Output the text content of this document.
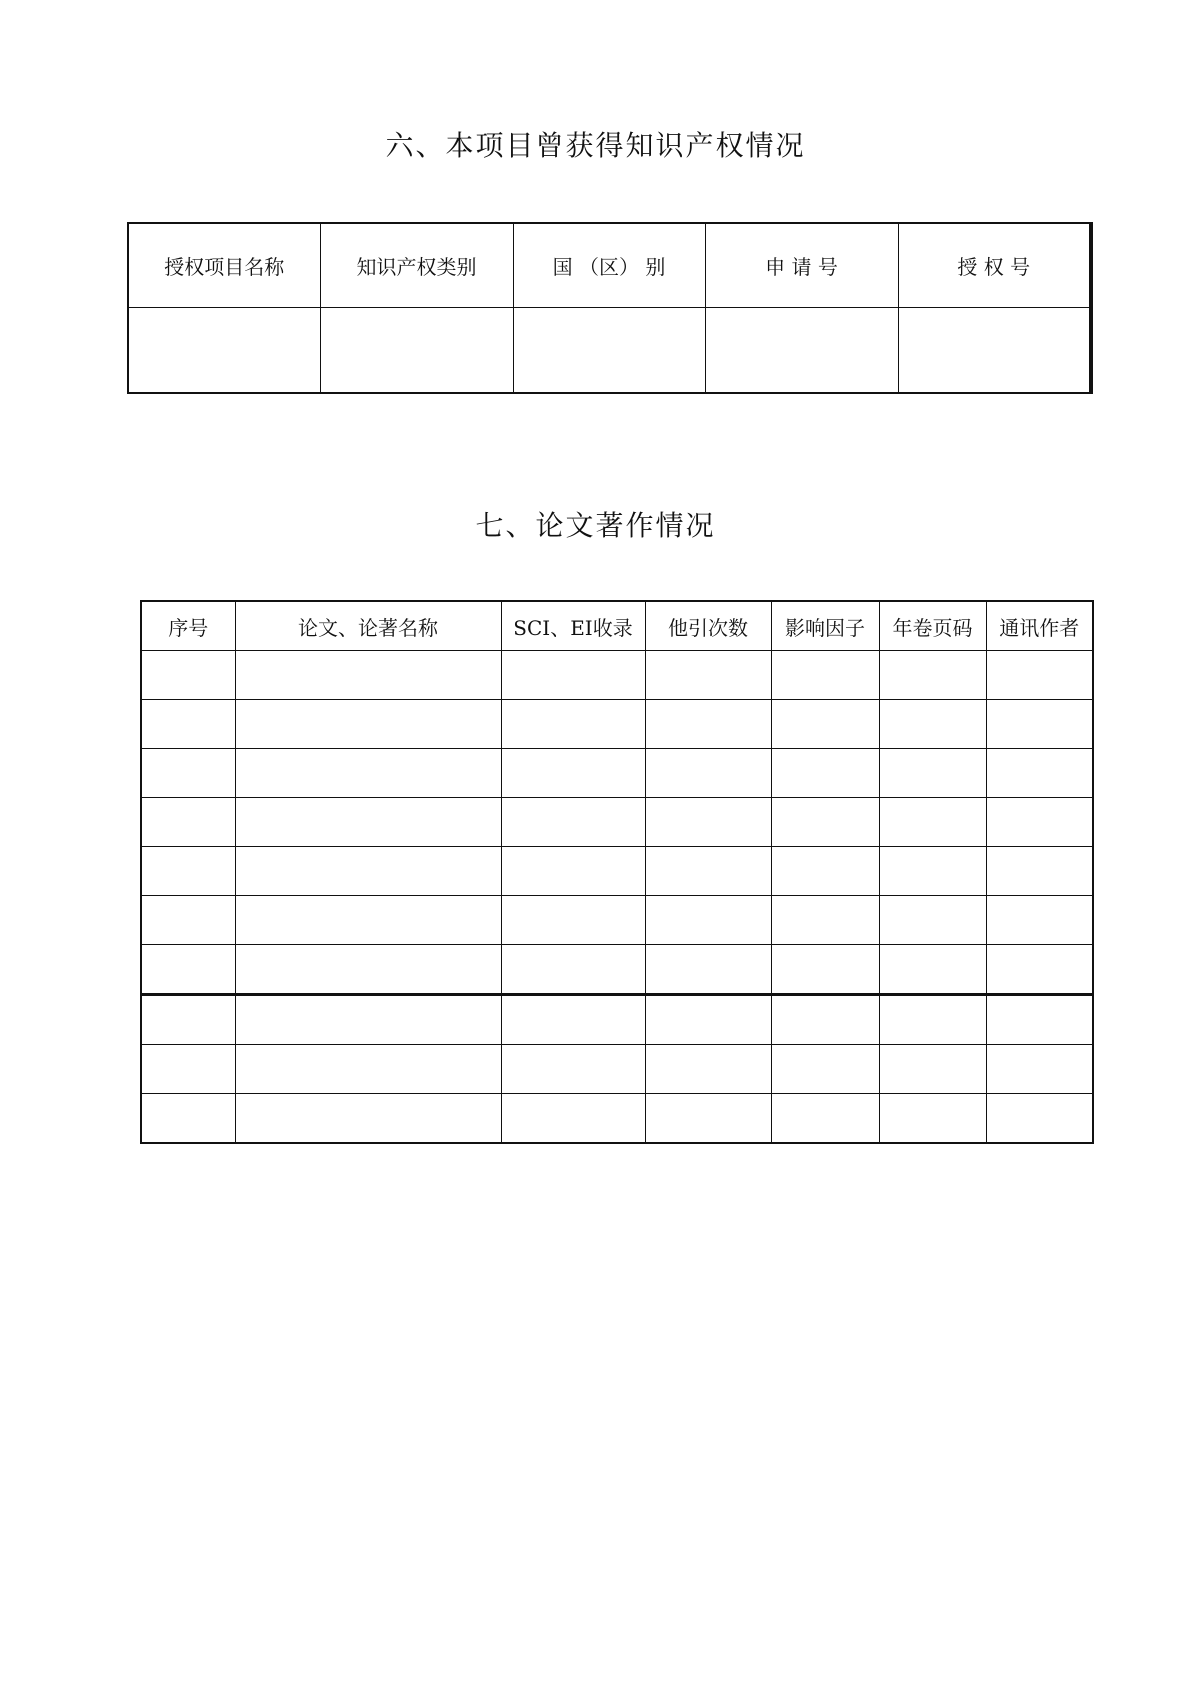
六、本项目曾获得知识产权情况
授权项目名称	知识产权类别	国 （区） 别	申 请 号	授 权 号

七、论文著作情况
序号	论文、论著名称	SCI、EI收录	他引次数	影响因子	年卷页码	通讯作者
